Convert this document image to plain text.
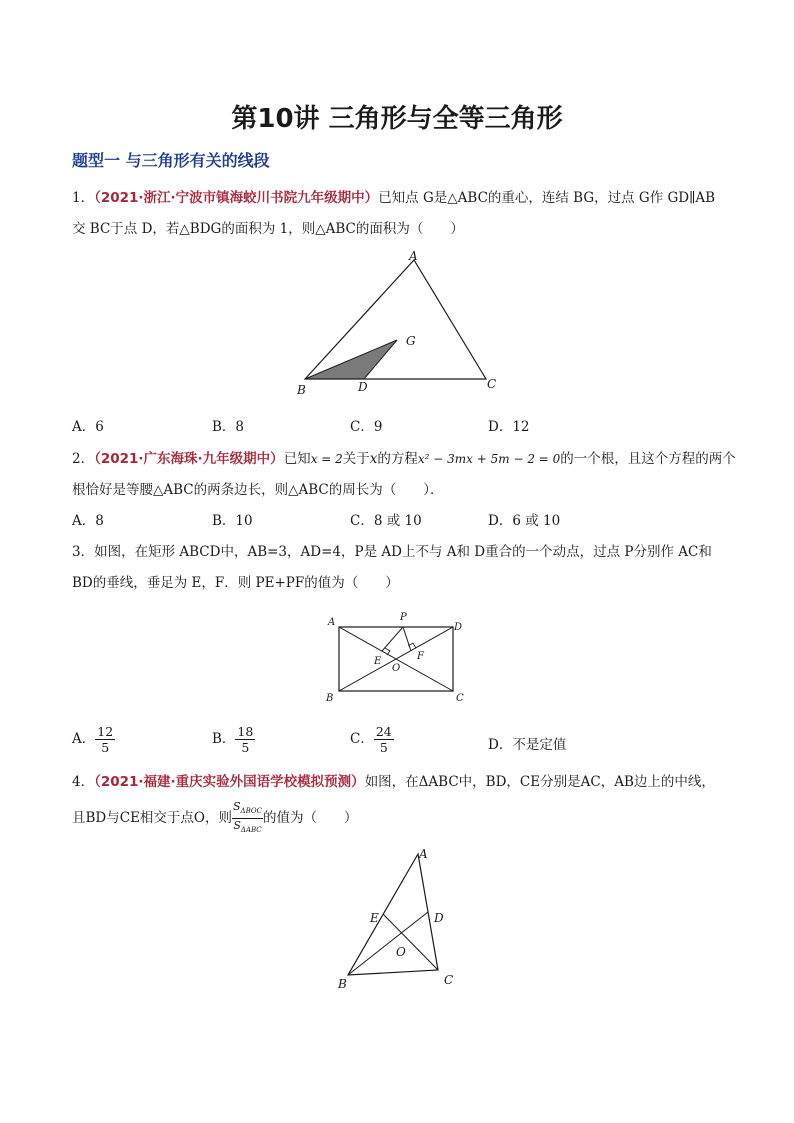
第10讲 三角形与全等三角形
题型一 与三角形有关的线段
1．（2021·浙江·宁波市镇海蛟川书院九年级期中）已知点 G是△ABC的重心，连结 BG，过点 G作 GD∥AB
交 BC于点 D，若△BDG的面积为 1，则△ABC的面积为（　　）
A
B	C
D
G
A．6	B．8	C．9	D．12
2．（2021·广东海珠·九年级期中）已知x = 2关于x的方程x² − 3mx + 5m − 2 = 0的一个根，且这个方程的两个
根恰好是等腰△ABC的两条边长，则△ABC的周长为（　　）．
A．8	B．10	C．8 或 10	D．6 或 10
3．如图，在矩形 ABCD中，AB=3，AD=4，P是 AD上不与 A和 D重合的一个动点，过点 P分别作 AC和
BD的垂线，垂足为 E，F．则 PE+PF的值为（　　）
A
B	C
D
P
E	F
O
A． $\frac{12}{5}$	B． $\frac{18}{5}$	C． $\frac{24}{5}$	D．不是定值
4．（2021·福建·重庆实验外国语学校模拟预测）如图，在ΔABC中，BD，CE分别是AC，AB边上的中线，
且BD与CE相交于点O，则
$S_{\Delta BOC}$
$S_{\Delta ABC}$
的值为（　　）
A
B	C
D
E
O
